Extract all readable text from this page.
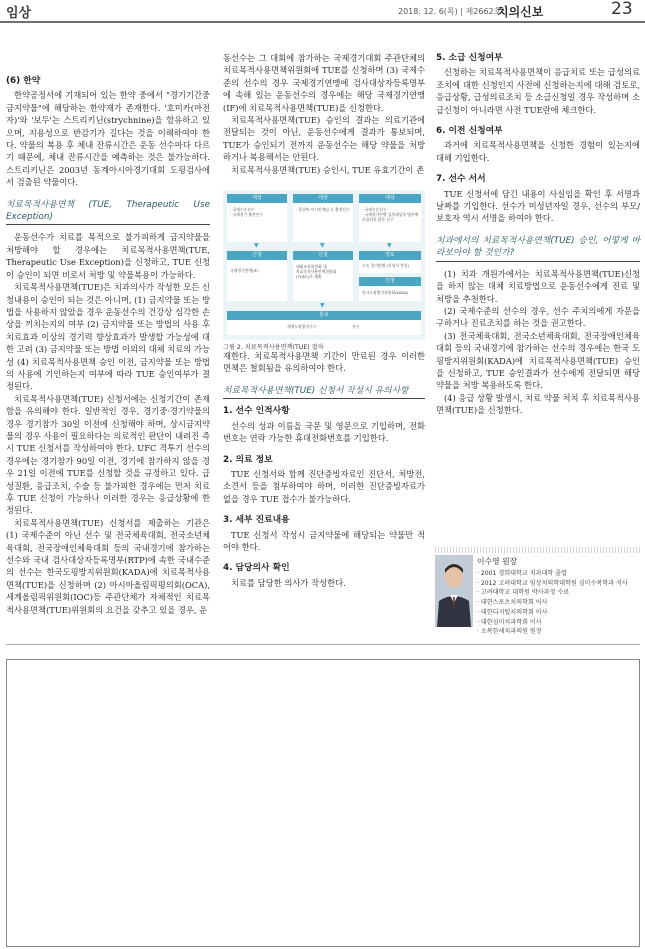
임상	2018. 12. 6(목) | 제2662호
치의신보	23
(6) 한약

한약공정서에 기재되어 있는 한약 중에서 "경기기간중 금지약물"에 해당하는 한약재가 존재한다. '호미카(마전자)'와 '보두'는 스트리키닌(strychnine)을 함유하고 있으며, 지용성으로 반감기가 길다는 것을 이해하여야 한다. 약물의 복용 후 체내 잔류시간은 운동 선수마다 다르기 때문에, 체내 잔류시간을 예측하는 것은 불가능하다. 스트리키닌은 2003년 동계아시아경기대회 도핑검사에서 검출된 약물이다.

치료목적사용면책 (TUE, Therapeutic Use Exception)

운동선수가 치료를 목적으로 불가피하게 금지약물을 처방해야 할 경우에는 치료목적사용면책(TUE, Therapeutic Use Exception)을 신청하고, TUE 신청이 승인이 되면 비로서 처방 및 약물복용이 가능하다.

치료목적사용면책(TUE)은 치과의사가 작성한 모든 신청내용이 승인이 되는 것은 아니며, (1) 금지약물 또는 방법을 사용하지 않았을 경우 운동선수의 건강상 심각한 손상을 끼치는지의 여부 (2) 금지약물 또는 방법의 사용 후 치료효과 이상의 경기력 향상효과가 발생할 가능성에 대한 고려 (3) 금지약물 또는 방법 이외의 대체 치료의 가능성 (4) 치료목적사용면책 승인 이전, 금지약물 또는 방법의 사용에 기인하는지 여부에 따라 TUE 승인여부가 결정된다.

치료목적사용면책(TUE) 신청서에는 신청기간이 존재함을 유의해야 한다. 일반적인 경우, 경기중·경기약물의 경우 경기참가 30일 이전에 신청해야 하며, 상시금지약물의 경우 사용이 필요하다는 의료적인 판단이 내려진 즉시 TUE 신청서를 작성하여야 한다. UFC 격투기 선수의 경우에는 경기참가 90일 이전, 경기에 참가하지 않을 경우 21일 이전에 TUE를 신청할 것을 규정하고 있다. 급성질환, 응급조치, 수술 등 불가피한 경우에는 먼저 치료 후 TUE 신청이 가능하나 이러한 경우는 응급상황에 한정된다.

치료목적사용면책(TUE) 신청서를 제출하는 기관은 (1) 국제수준이 아닌 선수 및 전국체육대회, 전국소년체육대회, 전국장애인체육대회 등의 국내경기에 참가하는 선수와 국내 검사대상자등록명부(RTP)에 속한 국내수준의 선수는 한국도핑방지위원회(KADA)에 치료목적사용면책(TUE)을 신청하며 (2) 아시아올림픽평의회(OCA), 세계올림픽위원회(IOC)등 주관단체가 자체적인 치료목적사용면책(TUE)위원회의 요건을 갖추고 있을 경우, 운

동선수는 그 대회에 참가하는 국제경기대회 주관단체의 치료목적사용면책위원회에 TUE를 신청하며 (3) 국제수준의 선수의 경우 국제경기연맹에 검사대상자등록명부에 속해 있는 운동선수의 경우에는 해당 국제경기연맹(IF)에 치료목적사용면책(TUE)을 신청한다.

치료목적사용면책(TUE) 승인의 결과는 의료기관에 전달되는 것이 아닌, 운동선수에게 결과가 통보되며, TUE가 승인되기 전까지 운동선수는 해당 약물을 처방하거나 복용해서는 안된다.

치료목적사용면책(TUE) 승인시, TUE 유효기간이 존

재한다. 치료목적사용면책 기간이 만료된 경우 이러한 면책은 철회됨을 유의하여야 한다.

치료목적사용면책(TUE) 신청서 작성시 유의사항
1. 선수 인적사항

선수의 성과 이름을 국문 및 영문으로 기입하며, 전화번호는 연락 가능한 휴대전화번호를 기입한다.

2. 의료 정보

TUE 신청서와 함께 진단증빙자료인 진단서, 처방전, 소견서 등을 첨부하여야 하며, 이러한 진단증빙자료가 없을 경우 TUE 접수가 불가능하다.

3. 세부 진료내용

TUE 신청서 작성시 금지약물에 해당되는 약물만 적어야 한다.

4. 담당의사 확인

치료를 담당한 의사가 작성한다.

대상
· 국제수준선수
· 국제경기 출전선수
대상
· 올림픽·아시안게임 등 출전선수
대상
· 국제수준선수
· 국제경기연맹 검사대상자 명부에
포함되지 않은 선수
▼	▼	▼
신청
국제경기연맹(IF)
신청
대회조직위원회 내
치료목적사용면책위원회
(TUEC)로 제출
검토
소속 경기단체 (신청서 작성)
신청
한국도핑방지위원회(KADA)
▼
통보
세계도핑방지기구	선수
그림 2. 치료목적사용면책(TUE) 절차
5. 소급 신청여부

신청하는 치료목적사용면책이 응급치료 또는 급성의료조치에 대한 신청인지 사전에 신청하는지에 대해 검토로, 응급상황, 급성의료조치 등 소급신청일 경우 작성하며 소급신청이 아니라면 사전 TUE란에 체크한다.

6. 이전 신청여부

과거에 치료목적사용면책을 신청한 경험이 있는지에 대해 기입한다.

7. 선수 서서

TUE 신청서에 담긴 내용이 사실임을 확인 후 서명과 날짜를 기입한다. 선수가 미성년자일 경우, 선수의 부모/보호자 역시 서명을 하여야 한다.

치과에서의 치료목적사용면책(TUE) 승인, 어떻게 바라보아야 할 것인가?

(1) 치과 개원가에서는 치료목적사용면책(TUE)신청을 하지 않는 대체 치료방법으로 운동선수에게 진료 및 처방을 추천한다.

(2) 국제수준의 선수의 경우, 선수 주치의에게 자문을 구하거나 진료조치를 하는 것을 권고한다.

(3) 전국체육대회, 전국소년체육대회, 전국장애인체육대회 등의 국내경기에 참가하는 선수의 경우에는 한국 도핑방지위원회(KADA)에 치료목적사용면책(TUE) 승인을 신청하고, TUE 승인결과가 선수에게 전달되면 해당 약물을 처방 복용하도록 한다.

(4) 응급 상황 발생시, 치료 약물 처치 후 치료목적사용면책(TUE)을 신청한다.

이수영 원장
· 2001 경희대학교 치과대학 졸업
· 2012 고려대학교 임상치의학대학원 심미수복학과 석사
· 고려대학교 대학원 박사과정 수료
· 대한스포츠치의학회 이사
· 대한디지털치의학회 이사
· 대한심미치과학회 이사
· 오복한세치과의원 원장
